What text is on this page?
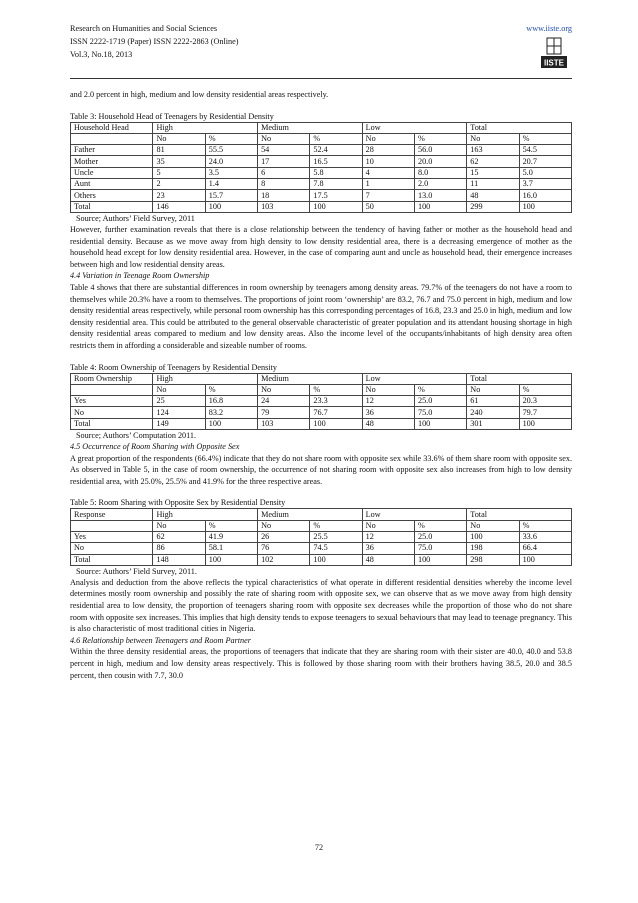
Research on Humanities and Social Sciences
ISSN 2222-1719 (Paper) ISSN 2222-2863 (Online)
Vol.3, No.18, 2013
www.iiste.org
IISTE

and 2.0 percent in high, medium and low density residential areas respectively.

Table 3: Household Head of Teenagers by Residential Density
Household Head	High		Medium		Low		Total	
	No	%	No	%	No	%	No	%
Father	81	55.5	54	52.4	28	56.0	163	54.5
Mother	35	24.0	17	16.5	10	20.0	62	20.7
Uncle	5	3.5	6	5.8	4	8.0	15	5.0
Aunt	2	1.4	8	7.8	1	2.0	11	3.7
Others	23	15.7	18	17.5	7	13.0	48	16.0
Total	146	100	103	100	50	100	299	100
Source; Authors’ Field Survey, 2011

However, further examination reveals that there is a close relationship between the tendency of having father or mother as the household head and residential density. Because as we move away from high density to low density residential area, there is a decreasing emergence of mother as the household head except for low density residential area. However, in the case of comparing aunt and uncle as household head, their emergence increases between high and low residential density areas.

4.4 Variation in Teenage Room Ownership

Table 4 shows that there are substantial differences in room ownership by teenagers among density areas. 79.7% of the teenagers do not have a room to themselves while 20.3% have a room to themselves. The proportions of joint room ‘ownership’ are 83.2, 76.7 and 75.0 percent in high, medium and low density residential areas respectively, while personal room ownership has this corresponding percentages of 16.8, 23.3 and 25.0 in high, medium and low density residential area. This could be attributed to the general observable characteristic of greater population and its attendant housing shortage in high density residential areas compared to medium and low density areas. Also the income level of the occupants/inhabitants of high density area often restricts them in affording a considerable and sizeable number of rooms.

Table 4: Room Ownership of Teenagers by Residential Density
Room Ownership	High		Medium		Low		Total	
	No	%	No	%	No	%	No	%
Yes	25	16.8	24	23.3	12	25.0	61	20.3
No	124	83.2	79	76.7	36	75.0	240	79.7
Total	149	100	103	100	48	100	301	100
Source; Authors’ Computation 2011.
4.5 Occurrence of Room Sharing with Opposite Sex

A great proportion of the respondents (66.4%) indicate that they do not share room with opposite sex while 33.6% of them share room with opposite sex. As observed in Table 5, in the case of room ownership, the occurrence of not sharing room with opposite sex also increases from high to low density residential area, with 25.0%, 25.5% and 41.9% for the three respective areas.

Table 5: Room Sharing with Opposite Sex by Residential Density
Response	High		Medium		Low		Total	
	No	%	No	%	No	%	No	%
Yes	62	41.9	26	25.5	12	25.0	100	33.6
No	86	58.1	76	74.5	36	75.0	198	66.4
Total	148	100	102	100	48	100	298	100
Source: Authors’ Field Survey, 2011.

Analysis and deduction from the above reflects the typical characteristics of what operate in different residential densities whereby the income level determines mostly room ownership and possibly the rate of sharing room with opposite sex, we can observe that as we move away from high density residential area to low density, the proportion of teenagers sharing room with opposite sex decreases while the proportion of those who do not share room with opposite sex increases. This implies that high density tends to expose teenagers to sexual behaviours that may lead to teenage pregnancy. This is also characteristic of most traditional cities in Nigeria.

4.6 Relationship between Teenagers and Room Partner

Within the three density residential areas, the proportions of teenagers that indicate that they are sharing room with their sister are 40.0, 40.0 and 53.8 percent in high, medium and low density areas respectively. This is followed by those sharing room with their brothers having 38.5, 20.0 and 38.5 percent, then cousin with 7.7, 30.0

72
